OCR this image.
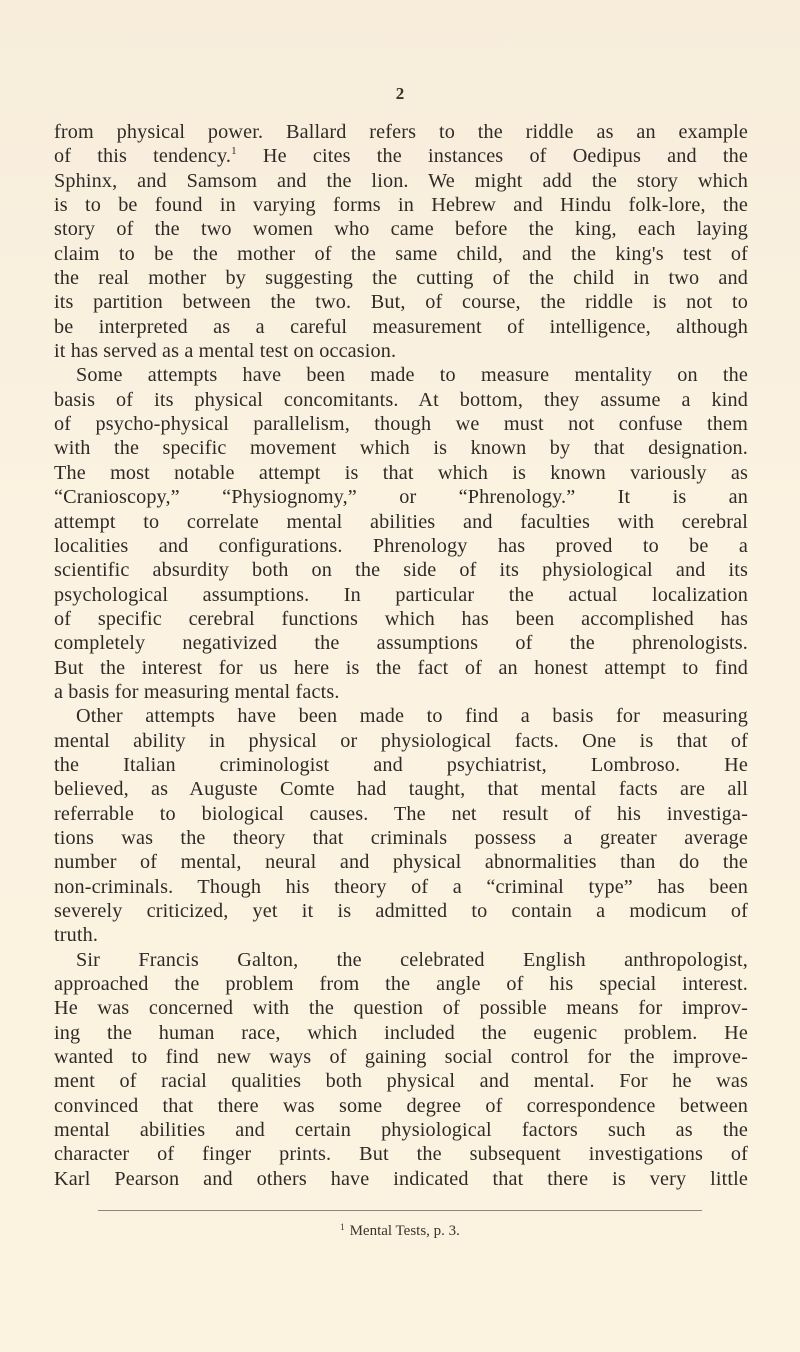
2
from physical power. Ballard refers to the riddle as an example
of this tendency.$^1$ He cites the instances of Oedipus and the
Sphinx, and Samsom and the lion. We might add the story which
is to be found in varying forms in Hebrew and Hindu folk-lore, the
story of the two women who came before the king, each laying
claim to be the mother of the same child, and the king's test of
the real mother by suggesting the cutting of the child in two and
its partition between the two. But, of course, the riddle is not to
be interpreted as a careful measurement of intelligence, although
it has served as a mental test on occasion.
Some attempts have been made to measure mentality on the
basis of its physical concomitants. At bottom, they assume a kind
of psycho-physical parallelism, though we must not confuse them
with the specific movement which is known by that designation.
The most notable attempt is that which is known variously as
“Cranioscopy,” “Physiognomy,” or “Phrenology.” It is an
attempt to correlate mental abilities and faculties with cerebral
localities and configurations. Phrenology has proved to be a
scientific absurdity both on the side of its physiological and its
psychological assumptions. In particular the actual localization
of specific cerebral functions which has been accomplished has
completely negativized the assumptions of the phrenologists.
But the interest for us here is the fact of an honest attempt to find
a basis for measuring mental facts.
Other attempts have been made to find a basis for measuring
mental ability in physical or physiological facts. One is that of
the Italian criminologist and psychiatrist, Lombroso. He
believed, as Auguste Comte had taught, that mental facts are all
referrable to biological causes. The net result of his investiga-
tions was the theory that criminals possess a greater average
number of mental, neural and physical abnormalities than do the
non-criminals. Though his theory of a “criminal type” has been
severely criticized, yet it is admitted to contain a modicum of
truth.
Sir Francis Galton, the celebrated English anthropologist,
approached the problem from the angle of his special interest.
He was concerned with the question of possible means for improv-
ing the human race, which included the eugenic problem. He
wanted to find new ways of gaining social control for the improve-
ment of racial qualities both physical and mental. For he was
convinced that there was some degree of correspondence between
mental abilities and certain physiological factors such as the
character of finger prints. But the subsequent investigations of
Karl Pearson and others have indicated that there is very little
$^1$ Mental Tests, p. 3.
